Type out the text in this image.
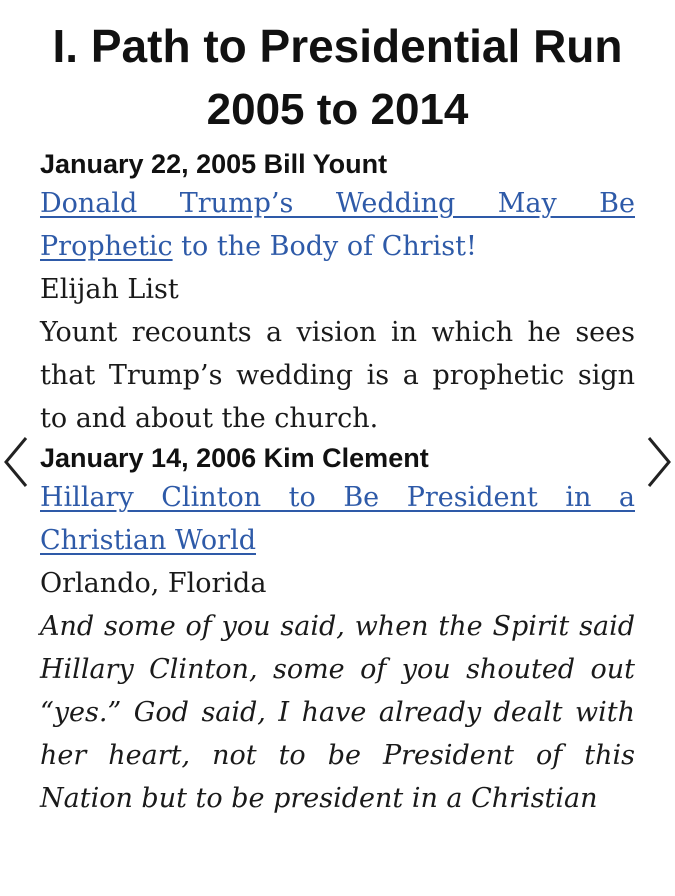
I. Path to Presidential Run
2005 to 2014

January 22, 2005 Bill Yount

Donald Trump’s Wedding May Be Prophetic to the Body of Christ!

Elijah List

Yount recounts a vision in which he sees that Trump’s wedding is a prophetic sign to and about the church.

January 14, 2006 Kim Clement

Hillary Clinton to Be President in a Christian World

Orlando, Florida

And some of you said, when the Spirit said Hillary Clinton, some of you shouted out “yes.” God said, I have already dealt with her heart, not to be President of this Nation but to be president in a Christian
